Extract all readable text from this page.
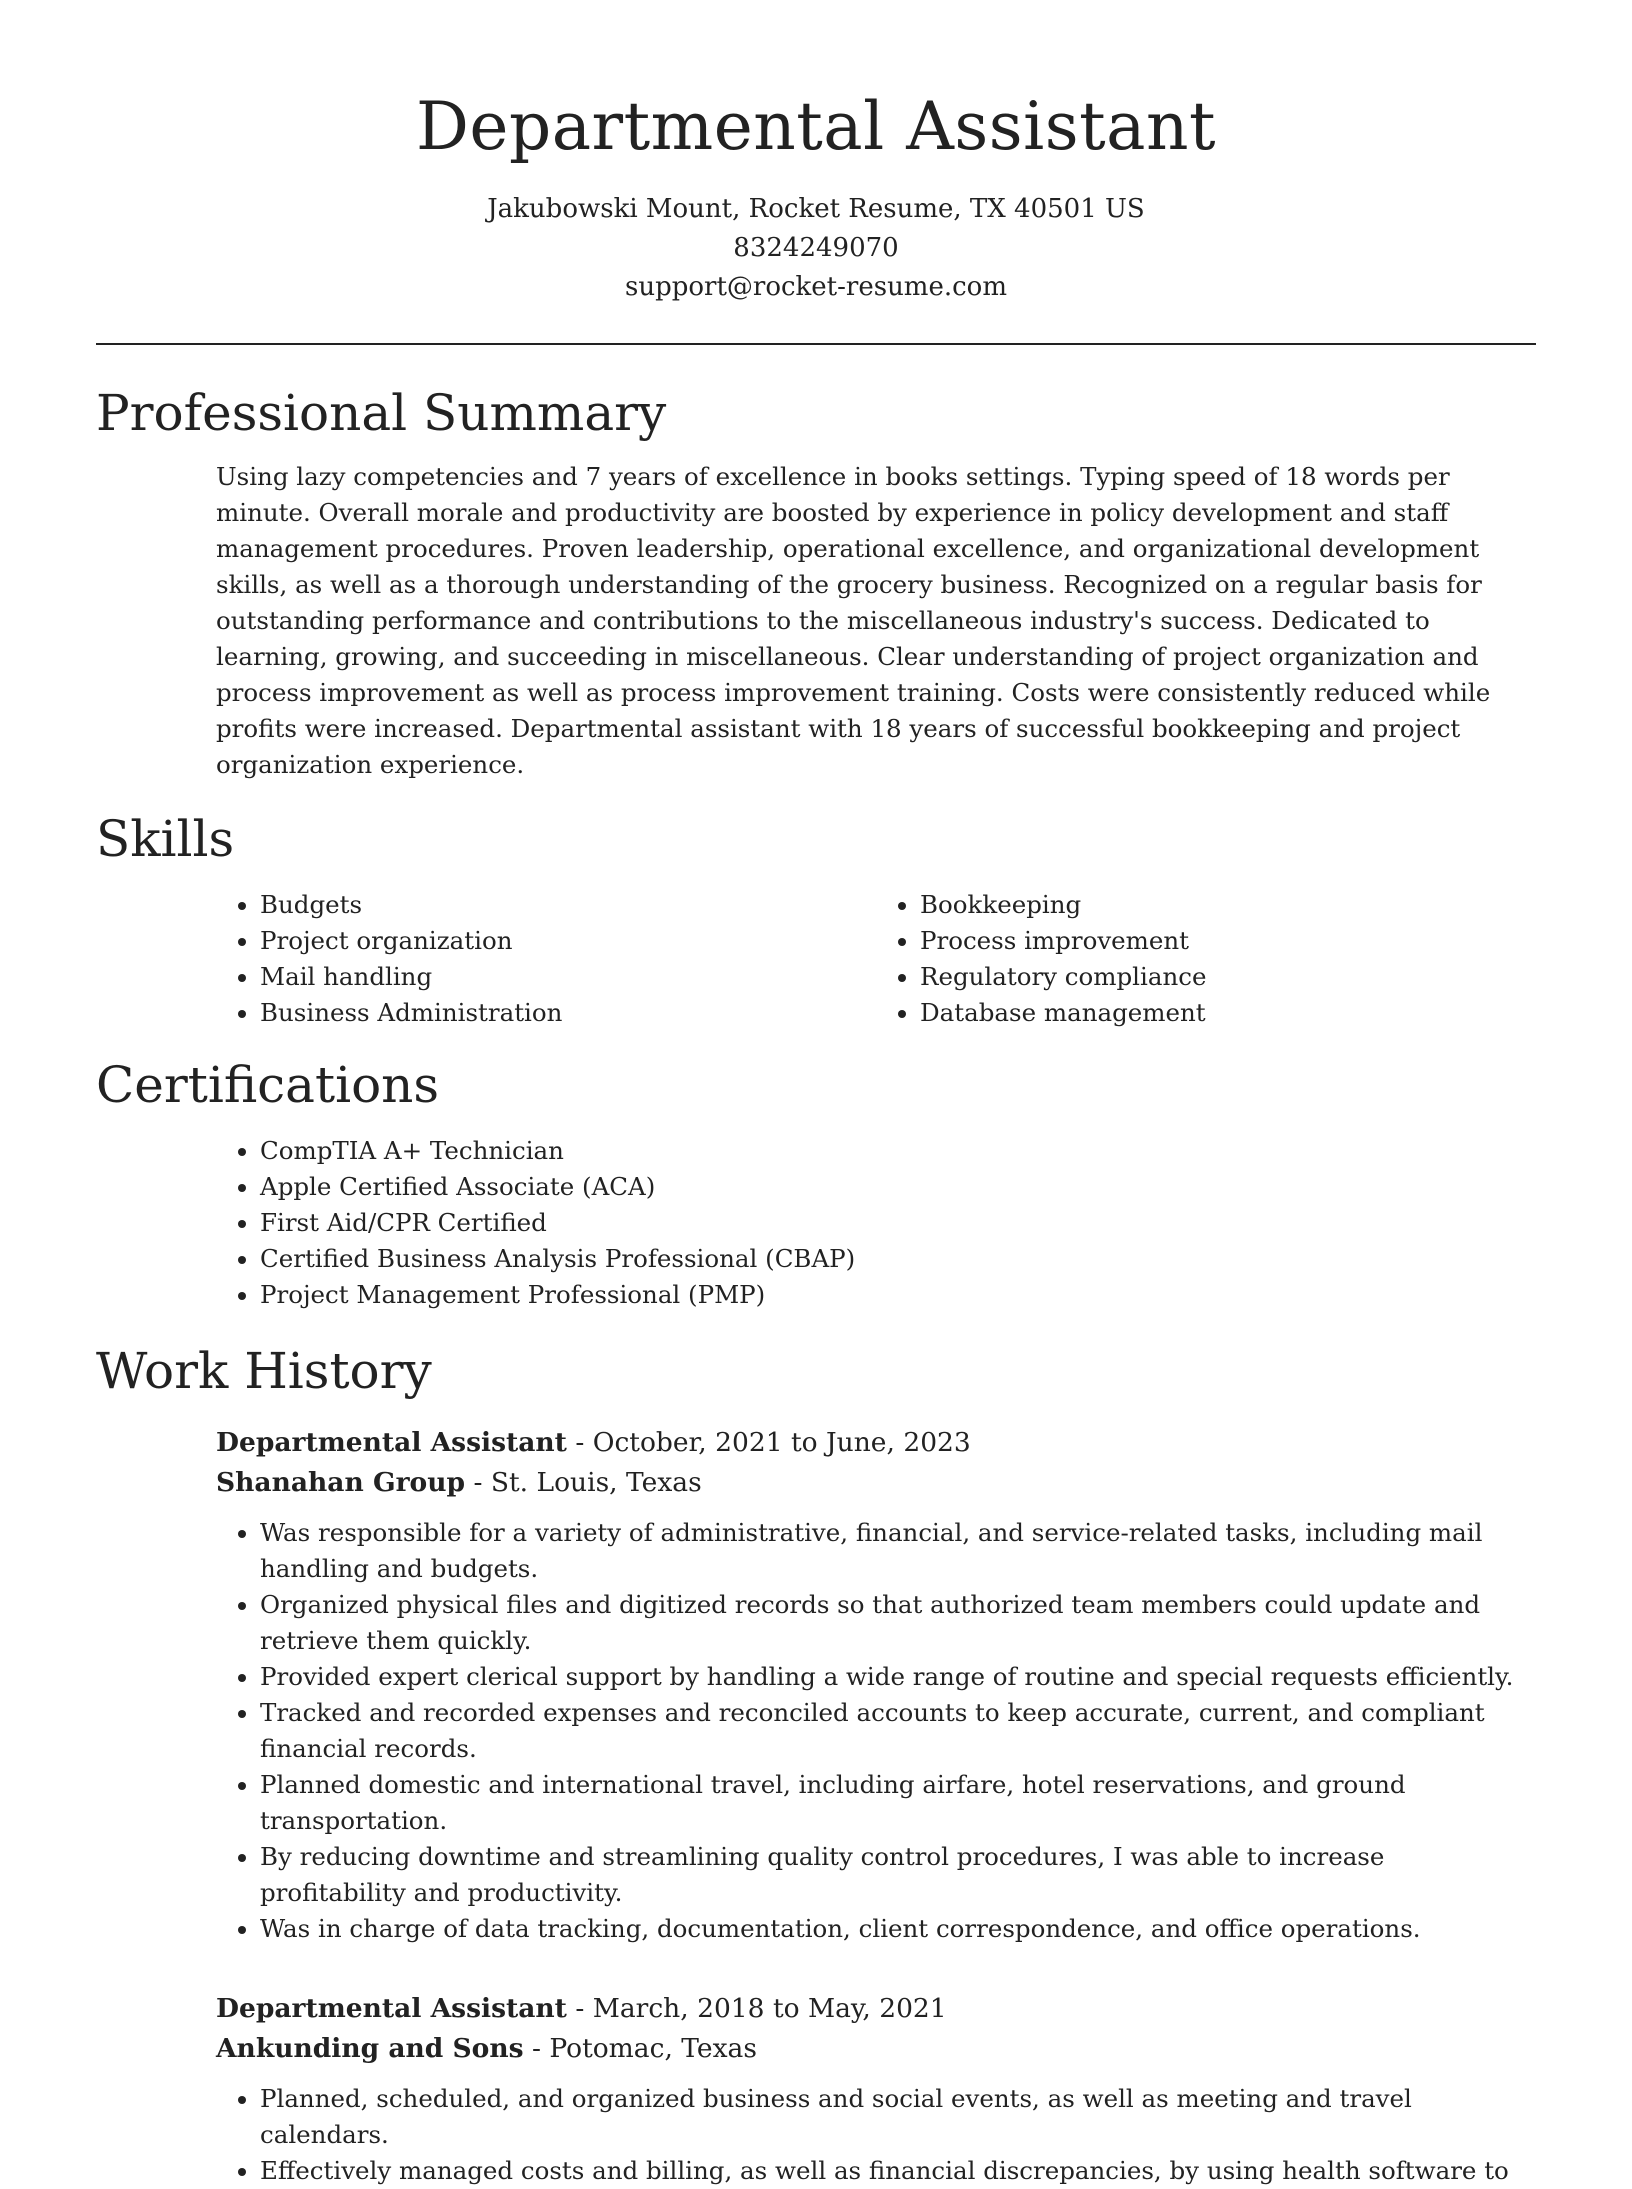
Departmental Assistant

Jakubowski Mount, Rocket Resume, TX 40501 US

8324249070

support@rocket-resume.com

Professional Summary

Using lazy competencies and 7 years of excellence in books settings. Typing speed of 18 words per minute. Overall morale and productivity are boosted by experience in policy development and staff management procedures. Proven leadership, operational excellence, and organizational development skills, as well as a thorough understanding of the grocery business. Recognized on a regular basis for outstanding performance and contributions to the miscellaneous industry's success. Dedicated to learning, growing, and succeeding in miscellaneous. Clear understanding of project organization and process improvement as well as process improvement training. Costs were consistently reduced while profits were increased. Departmental assistant with 18 years of successful bookkeeping and project organization experience.

Skills
• Budgets
• Project organization
• Mail handling
• Business Administration
• Bookkeeping
• Process improvement
• Regulatory compliance
• Database management
Certifications
• CompTIA A+ Technician
• Apple Certified Associate (ACA)
• First Aid/CPR Certified
• Certified Business Analysis Professional (CBAP)
• Project Management Professional (PMP)
Work History

Departmental Assistant - October, 2021 to June, 2023

Shanahan Group - St. Louis, Texas

• Was responsible for a variety of administrative, financial, and service-related tasks, including mail handling and budgets.
• Organized physical files and digitized records so that authorized team members could update and retrieve them quickly.
• Provided expert clerical support by handling a wide range of routine and special requests efficiently.
• Tracked and recorded expenses and reconciled accounts to keep accurate, current, and compliant financial records.
• Planned domestic and international travel, including airfare, hotel reservations, and ground transportation.
• By reducing downtime and streamlining quality control procedures, I was able to increase profitability and productivity.
• Was in charge of data tracking, documentation, client correspondence, and office operations.

Departmental Assistant - March, 2018 to May, 2021

Ankunding and Sons - Potomac, Texas

• Planned, scheduled, and organized business and social events, as well as meeting and travel calendars.
• Effectively managed costs and billing, as well as financial discrepancies, by using health software to
